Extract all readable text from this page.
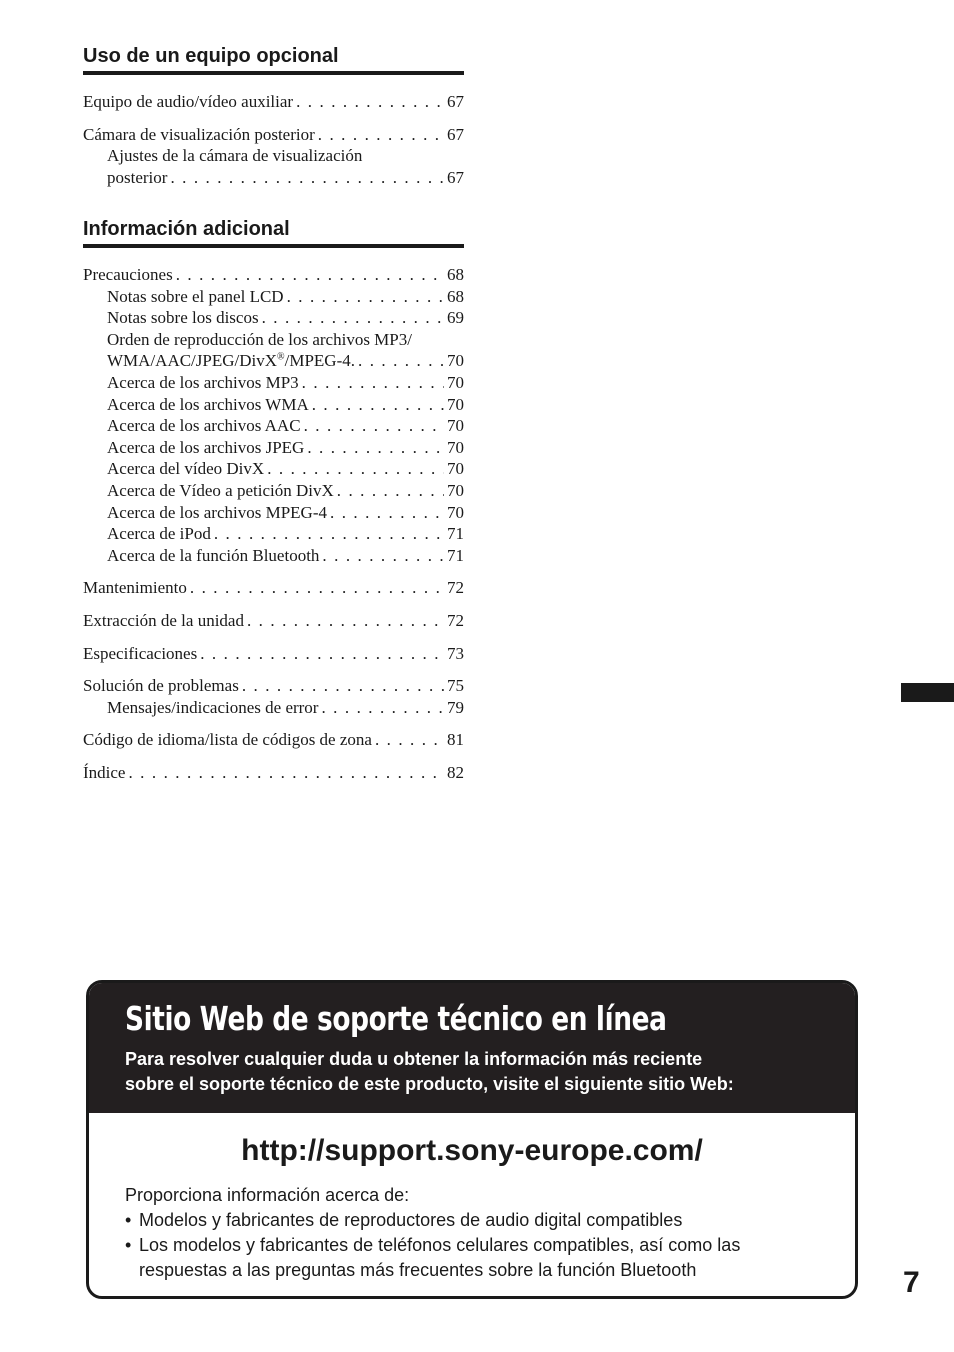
Uso de un equipo opcional
Equipo de audio/vídeo auxiliar . . .	67
Cámara de visualización posterior . . .	67
Ajustes de la cámara de visualización
posterior . . .	67
Información adicional
Precauciones . . .	68
Notas sobre el panel LCD . . .	68
Notas sobre los discos . . .	69
Orden de reproducción de los archivos MP3/
WMA/AAC/JPEG/DivX®/MPEG-4. . . .	70
Acerca de los archivos MP3 . . .	70
Acerca de los archivos WMA . . .	70
Acerca de los archivos AAC . . .	70
Acerca de los archivos JPEG . . .	70
Acerca del vídeo DivX . . .	70
Acerca de Vídeo a petición DivX . . .	70
Acerca de los archivos MPEG-4 . . .	70
Acerca de iPod . . .	71
Acerca de la función Bluetooth . . .	71
Mantenimiento . . .	72
Extracción de la unidad . . .	72
Especificaciones . . .	73
Solución de problemas . . .	75
Mensajes/indicaciones de error . . .	79
Código de idioma/lista de códigos de zona . . .	81
Índice . . .	82
Sitio Web de soporte técnico en línea
Para resolver cualquier duda u obtener la información más reciente
sobre el soporte técnico de este producto, visite el siguiente sitio Web:
http://support.sony-europe.com/
Proporciona información acerca de:
• Modelos y fabricantes de reproductores de audio digital compatibles
• Los modelos y fabricantes de teléfonos celulares compatibles, así como las
respuestas a las preguntas más frecuentes sobre la función Bluetooth	7
